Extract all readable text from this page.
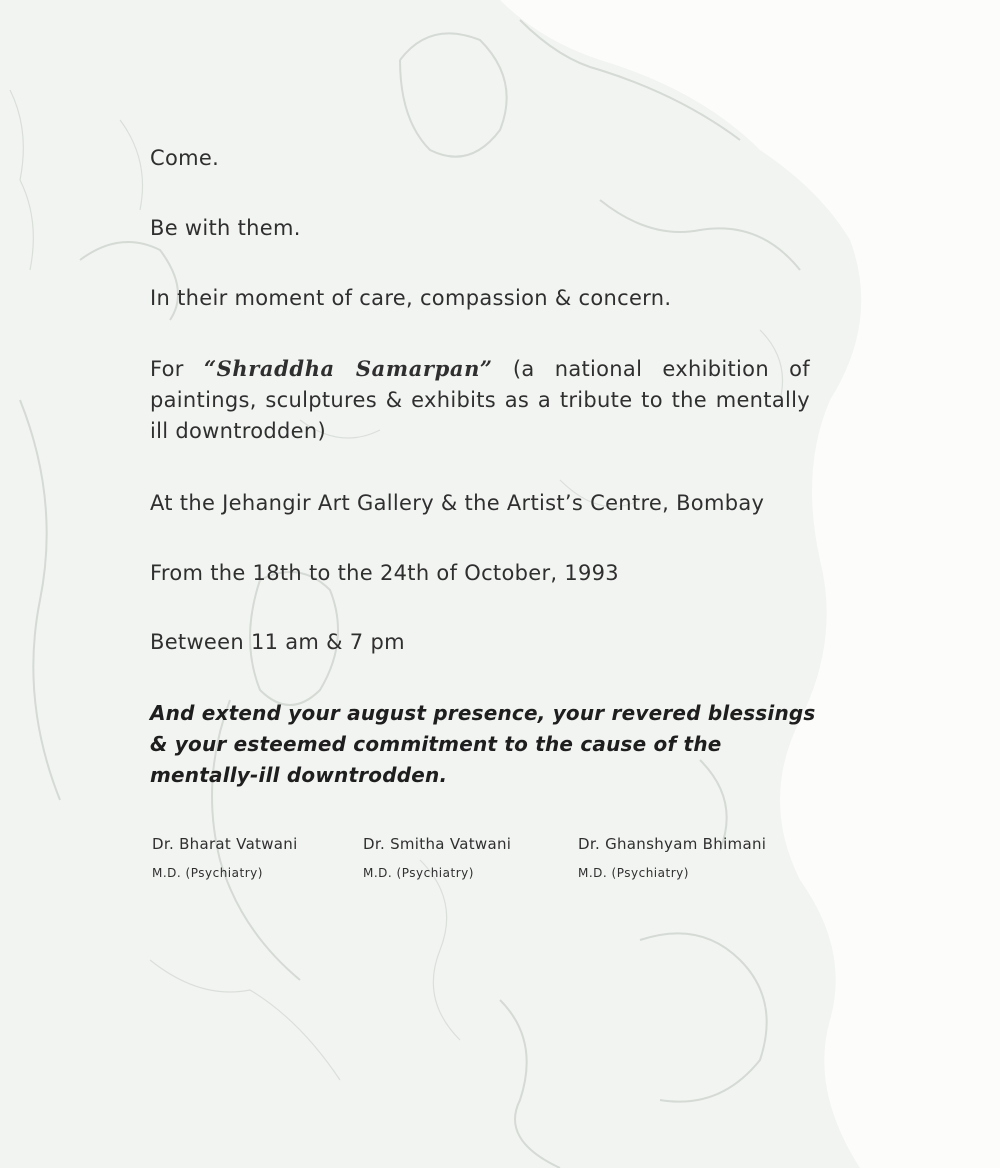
Come.
Be with them.
In their moment of care, compassion & concern.
For “Shraddha Samarpan” (a national exhibition of paintings, sculptures & exhibits as a tribute to the mentally ill downtrodden)
At the Jehangir Art Gallery & the Artist’s Centre, Bombay
From the 18th to the 24th of October, 1993
Between 11 am & 7 pm
And extend your august presence, your revered blessings & your esteemed commitment to the cause of the mentally-ill downtrodden.
Dr. Bharat Vatwani
M.D. (Psychiatry)
Dr. Smitha Vatwani
M.D. (Psychiatry)
Dr. Ghanshyam Bhimani
M.D. (Psychiatry)
